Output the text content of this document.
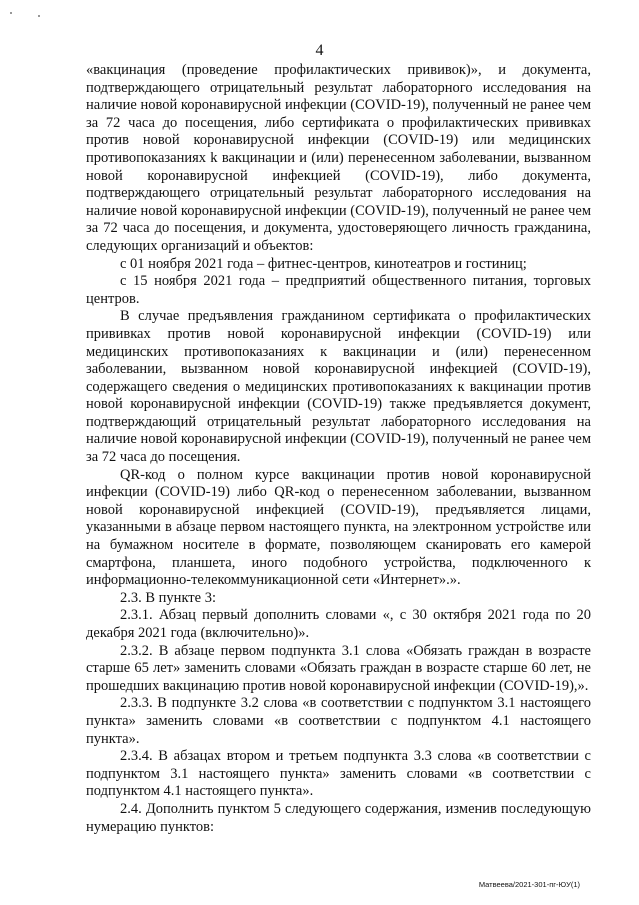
4

«вакцинация (проведение профилактических прививок)», и документа, подтверждающего отрицательный результат лабораторного исследования на наличие новой коронавирусной инфекции (COVID-19), полученный не ранее чем за 72 часа до посещения, либо сертификата о профилактических прививках против новой коронавирусной инфекции (COVID-19) или медицинских противопоказаниях k вакцинации и (или) перенесенном заболевании, вызванном новой коронавирусной инфекцией (COVID-19), либо документа, подтверждающего отрицательный результат лабораторного исследования на наличие новой коронавирусной инфекции (COVID-19), полученный не ранее чем за 72 часа до посещения, и документа, удостоверяющего личность гражданина, следующих организаций и объектов:

с 01 ноября 2021 года – фитнес-центров, кинотеатров и гостиниц;

с 15 ноября 2021 года – предприятий общественного питания, торговых центров.

В случае предъявления гражданином сертификата о профилактических прививках против новой коронавирусной инфекции (COVID-19) или медицинских противопоказаниях к вакцинации и (или) перенесенном заболевании, вызванном новой коронавирусной инфекцией (COVID-19), содержащего сведения о медицинских противопоказаниях к вакцинации против новой коронавирусной инфекции (COVID-19) также предъявляется документ, подтверждающий отрицательный результат лабораторного исследования на наличие новой коронавирусной инфекции (COVID-19), полученный не ранее чем за 72 часа до посещения.

QR-код о полном курсе вакцинации против новой коронавирусной инфекции (COVID-19) либо QR-код о перенесенном заболевании, вызванном новой коронавирусной инфекцией (COVID-19), предъявляется лицами, указанными в абзаце первом настоящего пункта, на электронном устройстве или на бумажном носителе в формате, позволяющем сканировать его камерой смартфона, планшета, иного подобного устройства, подключенного к информационно-телекоммуникационной сети «Интернет».».

2.3. В пункте 3:

2.3.1. Абзац первый дополнить словами «, с 30 октября 2021 года по 20 декабря 2021 года (включительно)».

2.3.2. В абзаце первом подпункта 3.1 слова «Обязать граждан в возрасте старше 65 лет» заменить словами «Обязать граждан в возрасте старше 60 лет, не прошедших вакцинацию против новой коронавирусной инфекции (COVID-19),».

2.3.3. В подпункте 3.2 слова «в соответствии с подпунктом 3.1 настоящего пункта» заменить словами «в соответствии с подпунктом 4.1 настоящего пункта».

2.3.4. В абзацах втором и третьем подпункта 3.3 слова «в соответствии с подпунктом 3.1 настоящего пункта» заменить словами «в соответствии с подпунктом 4.1 настоящего пункта».

2.4. Дополнить пунктом 5 следующего содержания, изменив последующую нумерацию пунктов:

Матвеева/2021-301-пг-ЮУ(1)
